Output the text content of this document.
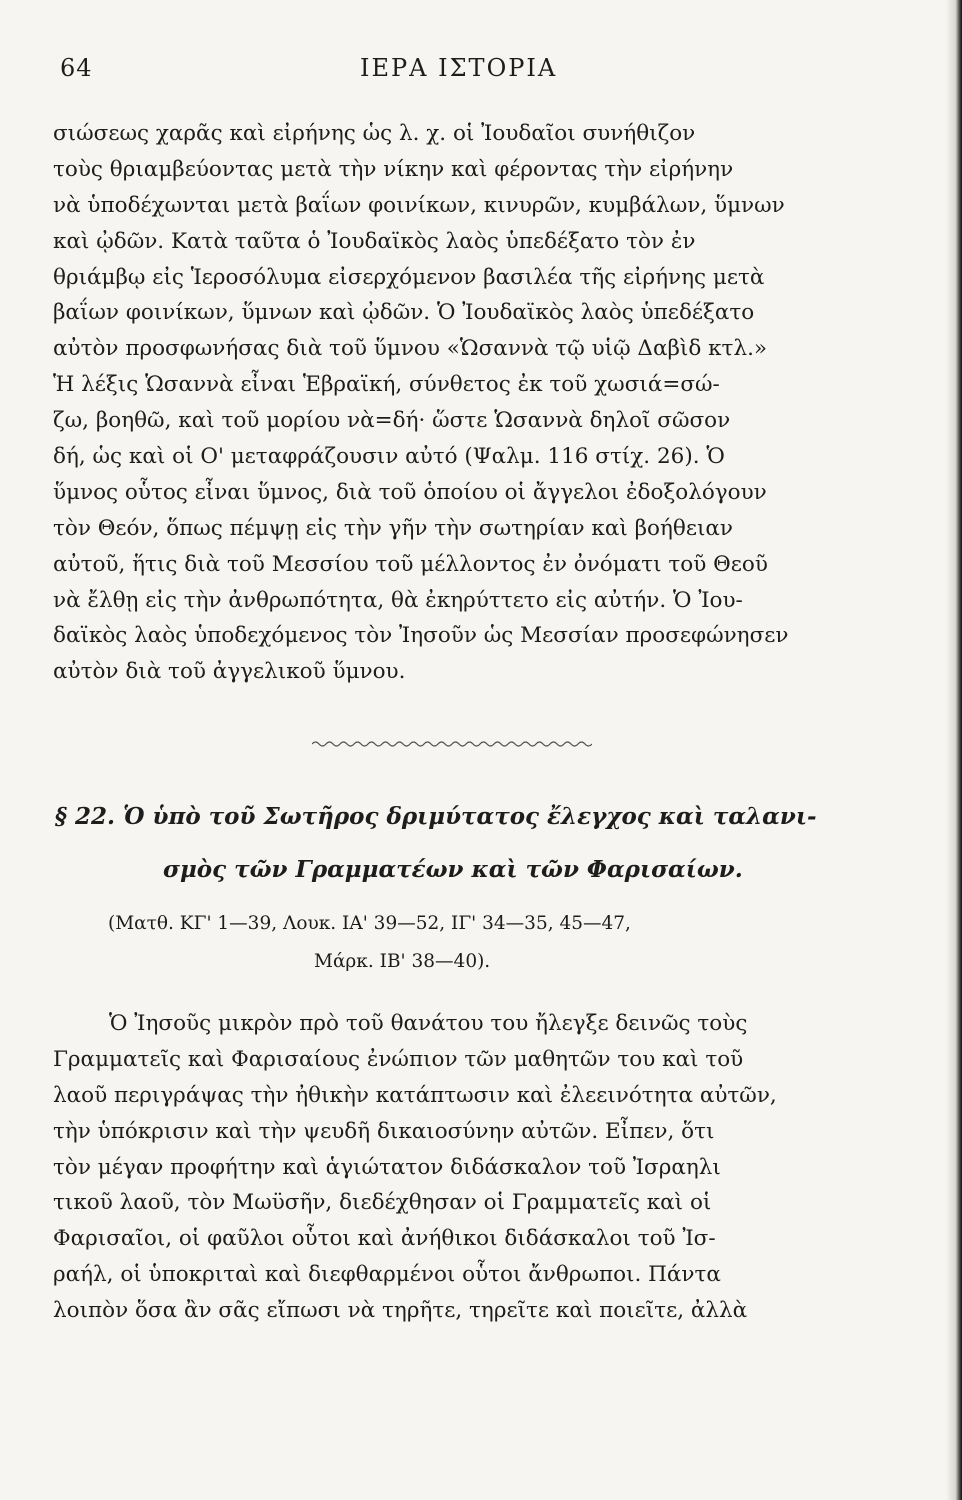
64	ΙΕΡΑ ΙΣΤΟΡΙΑ
σιώσεως χαρᾶς καὶ εἰρήνης ὡς λ. χ. οἱ Ἰουδαῖοι συνήθιζον
τοὺς θριαμβεύοντας μετὰ τὴν νίκην καὶ φέροντας τὴν εἰρήνην
νὰ ὑποδέχωνται μετὰ βαΐων φοινίκων, κινυρῶν, κυμβάλων, ὕμνων
καὶ ᾠδῶν. Κατὰ ταῦτα ὁ Ἰουδαϊκὸς λαὸς ὑπεδέξατο τὸν ἐν
θριάμβῳ εἰς Ἱεροσόλυμα εἰσερχόμενον βασιλέα τῆς εἰρήνης μετὰ
βαΐων φοινίκων, ὕμνων καὶ ᾠδῶν. Ὁ Ἰουδαϊκὸς λαὸς ὑπεδέξατο
αὐτὸν προσφωνήσας διὰ τοῦ ὕμνου «Ὡσαννὰ τῷ υἱῷ Δαβὶδ κτλ.»
Ἡ λέξις Ὡσαννὰ εἶναι Ἑβραϊκή, σύνθετος ἐκ τοῦ χωσιά=σώ-
ζω, βοηθῶ, καὶ τοῦ μορίου νὰ=δή· ὥστε Ὡσαννὰ δηλοῖ σῶσον
δή, ὡς καὶ οἱ Ο' μεταφράζουσιν αὐτό (Ψαλμ. 116 στίχ. 26). Ὁ
ὕμνος οὗτος εἶναι ὕμνος, διὰ τοῦ ὁποίου οἱ ἄγγελοι ἐδοξολόγουν
τὸν Θεόν, ὅπως πέμψῃ εἰς τὴν γῆν τὴν σωτηρίαν καὶ βοήθειαν
αὐτοῦ, ἥτις διὰ τοῦ Μεσσίου τοῦ μέλλοντος ἐν ὀνόματι τοῦ Θεοῦ
νὰ ἔλθῃ εἰς τὴν ἀνθρωπότητα, θὰ ἐκηρύττετο εἰς αὐτήν. Ὁ Ἰου-
δαϊκὸς λαὸς ὑποδεχόμενος τὸν Ἰησοῦν ὡς Μεσσίαν προσεφώνησεν
αὐτὸν διὰ τοῦ ἀγγελικοῦ ὕμνου.
§ 22. Ὁ ὑπὸ τοῦ Σωτῆρος δριμύτατος ἔλεγχος καὶ ταλανι-
σμὸς τῶν Γραμματέων καὶ τῶν Φαρισαίων.
(Ματθ. ΚΓ' 1—39, Λουκ. ΙΑ' 39—52, ΙΓ' 34—35, 45—47,
Μάρκ. ΙΒ' 38—40).
Ὁ Ἰησοῦς μικρὸν πρὸ τοῦ θανάτου του ἤλεγξε δεινῶς τοὺς
Γραμματεῖς καὶ Φαρισαίους ἐνώπιον τῶν μαθητῶν του καὶ τοῦ
λαοῦ περιγράψας τὴν ἠθικὴν κατάπτωσιν καὶ ἐλεεινότητα αὐτῶν,
τὴν ὑπόκρισιν καὶ τὴν ψευδῆ δικαιοσύνην αὐτῶν. Εἶπεν, ὅτι
τὸν μέγαν προφήτην καὶ ἁγιώτατον διδάσκαλον τοῦ Ἰσραηλι
τικοῦ λαοῦ, τὸν Μωϋσῆν, διεδέχθησαν οἱ Γραμματεῖς καὶ οἱ
Φαρισαῖοι, οἱ φαῦλοι οὗτοι καὶ ἀνήθικοι διδάσκαλοι τοῦ Ἰσ-
ραήλ, οἱ ὑποκριταὶ καὶ διεφθαρμένοι οὗτοι ἄνθρωποι. Πάντα
λοιπὸν ὅσα ἂν σᾶς εἴπωσι νὰ τηρῆτε, τηρεῖτε καὶ ποιεῖτε, ἀλλὰ
